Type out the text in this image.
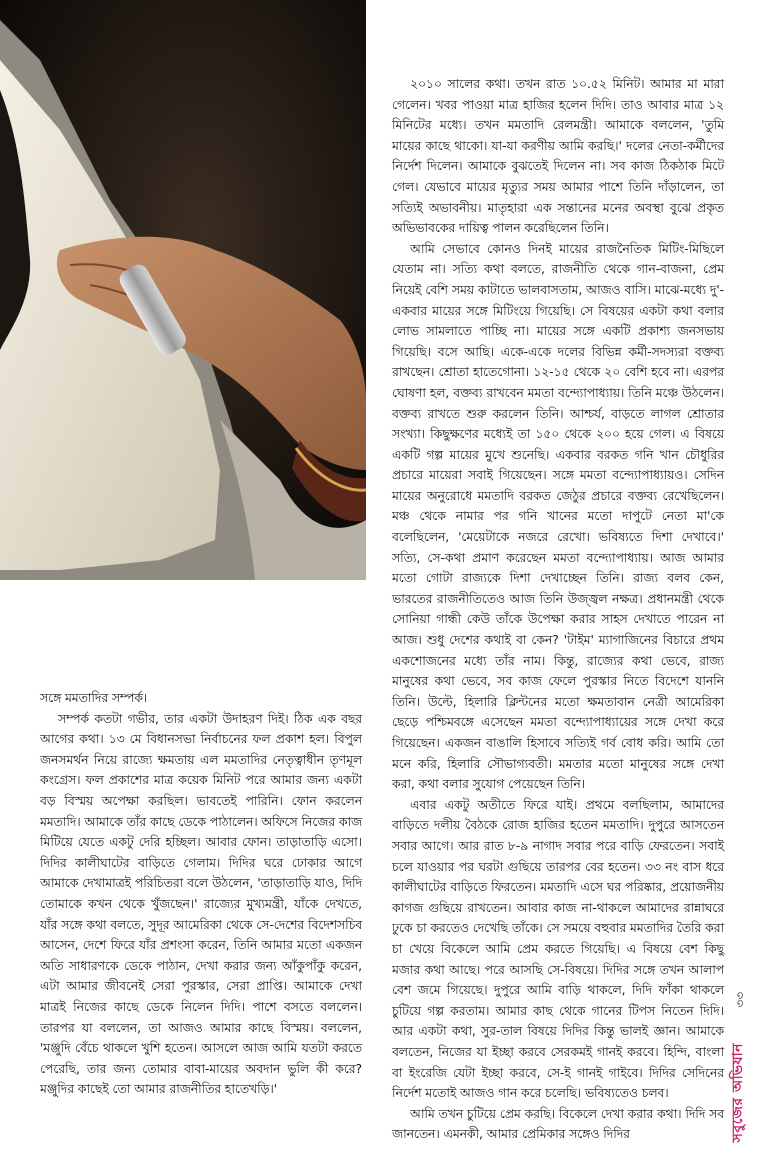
সঙ্গে মমতাদির সম্পর্ক।

সম্পর্ক কতটা গভীর, তার একটা উদাহরণ দিই। ঠিক এক বছর আগের কথা। ১৩ মে বিধানসভা নির্বাচনের ফল প্রকাশ হল। বিপুল জনসমর্থন নিয়ে রাজ্যে ক্ষমতায় এল মমতাদির নেতৃত্বাধীন তৃণমূল কংগ্রেস। ফল প্রকাশের মাত্র কয়েক মিনিট পরে আমার জন্য একটা বড় বিস্ময় অপেক্ষা করছিল। ভাবতেই পারিনি। ফোন করলেন মমতাদি। আমাকে তাঁর কাছে ডেকে পাঠালেন। অফিসে নিজের কাজ মিটিয়ে যেতে একটু দেরি হচ্ছিল। আবার ফোন। তাড়াতাড়ি এসো। দিদির কালীঘাটের বাড়িতে গেলাম। দিদির ঘরে ঢোকার আগে আমাকে দেখামাত্রই পরিচিতরা বলে উঠলেন, 'তাড়াতাড়ি যাও, দিদি তোমাকে কখন থেকে খুঁজছেন।' রাজ্যের মুখ্যমন্ত্রী, যাঁকে দেখতে, যাঁর সঙ্গে কথা বলতে, সুদূর আমেরিকা থেকে সে-দেশের বিদেশসচিব আসেন, দেশে ফিরে যাঁর প্রশংসা করেন, তিনি আমার মতো একজন অতি সাধারণকে ডেকে পাঠান, দেখা করার জন্য আঁকুপাঁকু করেন, এটা আমার জীবনেই সেরা পুরস্কার, সেরা প্রাপ্তি। আমাকে দেখা মাত্রই নিজের কাছে ডেকে নিলেন দিদি। পাশে বসতে বললেন। তারপর যা বললেন, তা আজও আমার কাছে বিস্ময়। বললেন, 'মঞ্জুদি বেঁচে থাকলে খুশি হতেন। আসলে আজ আমি যতটা করতে পেরেছি, তার জন্য তোমার বাবা-মায়ের অবদান ভুলি কী করে? মঞ্জুদির কাছেই তো আমার রাজনীতির হাতেখড়ি।'

২০১০ সালের কথা। তখন রাত ১০.৫২ মিনিট। আমার মা মারা গেলেন। খবর পাওয়া মাত্র হাজির হলেন দিদি। তাও আবার মাত্র ১২ মিনিটের মধ্যে। তখন মমতাদি রেলমন্ত্রী। আমাকে বললেন, 'তুমি মায়ের কাছে থাকো। যা-যা করণীয় আমি করছি।' দলের নেতা-কর্মীদের নির্দেশ দিলেন। আমাকে বুঝতেই দিলেন না। সব কাজ ঠিকঠাক মিটে গেল। যেভাবে মায়ের মৃত্যুর সময় আমার পাশে তিনি দাঁড়ালেন, তা সত্যিই অভাবনীয়। মাতৃহারা এক সন্তানের মনের অবস্থা বুঝে প্রকৃত অভিভাবকের দায়িত্ব পালন করেছিলেন তিনি।

আমি সেভাবে কোনও দিনই মায়ের রাজনৈতিক মিটিং-মিছিলে যেতাম না। সত্যি কথা বলতে, রাজনীতি থেকে গান-বাজনা, প্রেম নিয়েই বেশি সময় কাটাতে ভালবাসতাম, আজও বাসি। মাঝে-মধ্যে দু'-একবার মায়ের সঙ্গে মিটিংয়ে গিয়েছি। সে বিষয়ের একটা কথা বলার লোভ সামলাতে পাচ্ছি না। মায়ের সঙ্গে একটি প্রকাশ্য জনসভায় গিয়েছি। বসে আছি। একে-একে দলের বিভিন্ন কর্মী-সদস্যরা বক্তব্য রাখছেন। শ্রোতা হাতেগোনা। ১২-১৫ থেকে ২০ বেশি হবে না। এরপর ঘোষণা হল, বক্তব্য রাখবেন মমতা বন্দ্যোপাধ্যায়। তিনি মঞ্চে উঠলেন। বক্তব্য রাখতে শুরু করলেন তিনি। আশ্চর্য, বাড়তে লাগল শ্রোতার সংখ্যা। কিছুক্ষণের মধ্যেই তা ১৫০ থেকে ২০০ হয়ে গেল। এ বিষয়ে একটি গল্প মায়ের মুখে শুনেছি। একবার বরকত গনি খান চৌধুরির প্রচারে মায়েরা সবাই গিয়েছেন। সঙ্গে মমতা বন্দ্যোপাধ্যায়ও। সেদিন মায়ের অনুরোধে মমতাদি বরকত জেঠুর প্রচারে বক্তব্য রেখেছিলেন। মঞ্চ থেকে নামার পর গনি খানের মতো দাপুটে নেতা মা'কে বলেছিলেন, 'মেয়েটাকে নজরে রেখো। ভবিষ্যতে দিশা দেখাবে।' সত্যি, সে-কথা প্রমাণ করেছেন মমতা বন্দ্যোপাধ্যায়। আজ আমার মতো গোটা রাজ্যকে দিশা দেখাচ্ছেন তিনি। রাজ্য বলব কেন, ভারতের রাজনীতিতেও আজ তিনি উজ্জ্বল নক্ষত্র। প্রধানমন্ত্রী থেকে সোনিয়া গান্ধী কেউ তাঁকে উপেক্ষা করার সাহস দেখাতে পারেন না আজ। শুধু দেশের কথাই বা কেন? 'টাইম' ম্যাগাজিনের বিচারে প্রথম একশোজনের মধ্যে তাঁর নাম। কিন্তু, রাজ্যের কথা ভেবে, রাজ্য মানুষের কথা ভেবে, সব কাজ ফেলে পুরস্কার নিতে বিদেশে যাননি তিনি। উল্টে, হিলারি ক্লিন্টনের মতো ক্ষমতাবান নেত্রী আমেরিকা ছেড়ে পশ্চিমবঙ্গে এসেছেন মমতা বন্দ্যোপাধ্যায়ের সঙ্গে দেখা করে গিয়েছেন। একজন বাঙালি হিসাবে সত্যিই গর্ব বোধ করি। আমি তো মনে করি, হিলারি সৌভাগ্যবতী। মমতার মতো মানুষের সঙ্গে দেখা করা, কথা বলার সুযোগ পেয়েছেন তিনি।

এবার একটু অতীতে ফিরে যাই। প্রথমে বলছিলাম, আমাদের বাড়িতে দলীয় বৈঠকে রোজ হাজির হতেন মমতাদি। দুপুরে আসতেন সবার আগে। আর রাত ৮-৯ নাগাদ সবার পরে বাড়ি ফেরতেন। সবাই চলে যাওয়ার পর ঘরটা গুছিয়ে তারপর বের হতেন। ৩৩ নং বাস ধরে কালীঘাটের বাড়িতে ফিরতেন। মমতাদি এসে ঘর পরিষ্কার, প্রয়োজনীয় কাগজ গুছিয়ে রাখতেন। আবার কাজ না-থাকলে আমাদের রান্নাঘরে ঢুকে চা করতেও দেখেছি তাঁকে। সে সময়ে বহুবার মমতাদির তৈরি করা চা খেয়ে বিকেলে আমি প্রেম করতে গিয়েছি। এ বিষয়ে বেশ কিছু মজার কথা আছে। পরে আসছি সে-বিষয়ে। দিদির সঙ্গে তখন আলাপ বেশ জমে গিয়েছে। দুপুরে আমি বাড়ি থাকলে, দিদি ফাঁকা থাকলে চুটিয়ে গল্প করতাম। আমার কাছ থেকে গানের টিপস নিতেন দিদি। আর একটা কথা, সুর-তাল বিষয়ে দিদির কিন্তু ভালই জ্ঞান। আমাকে বলতেন, নিজের যা ইচ্ছা করবে সেরকমই গানই করবে। হিন্দি, বাংলা বা ইংরেজি যেটা ইচ্ছা করবে, সে-ই গানই গাইবে। দিদির সেদিনের নির্দেশ মতোই আজও গান করে চলেছি। ভবিষ্যতেও চলব।

আমি তখন চুটিয়ে প্রেম করছি। বিকেলে দেখা করার কথা। দিদি সব জানতেন। এমনকী, আমার প্রেমিকার সঙ্গেও দিদির

৩৩
সবুজের অভিযান
